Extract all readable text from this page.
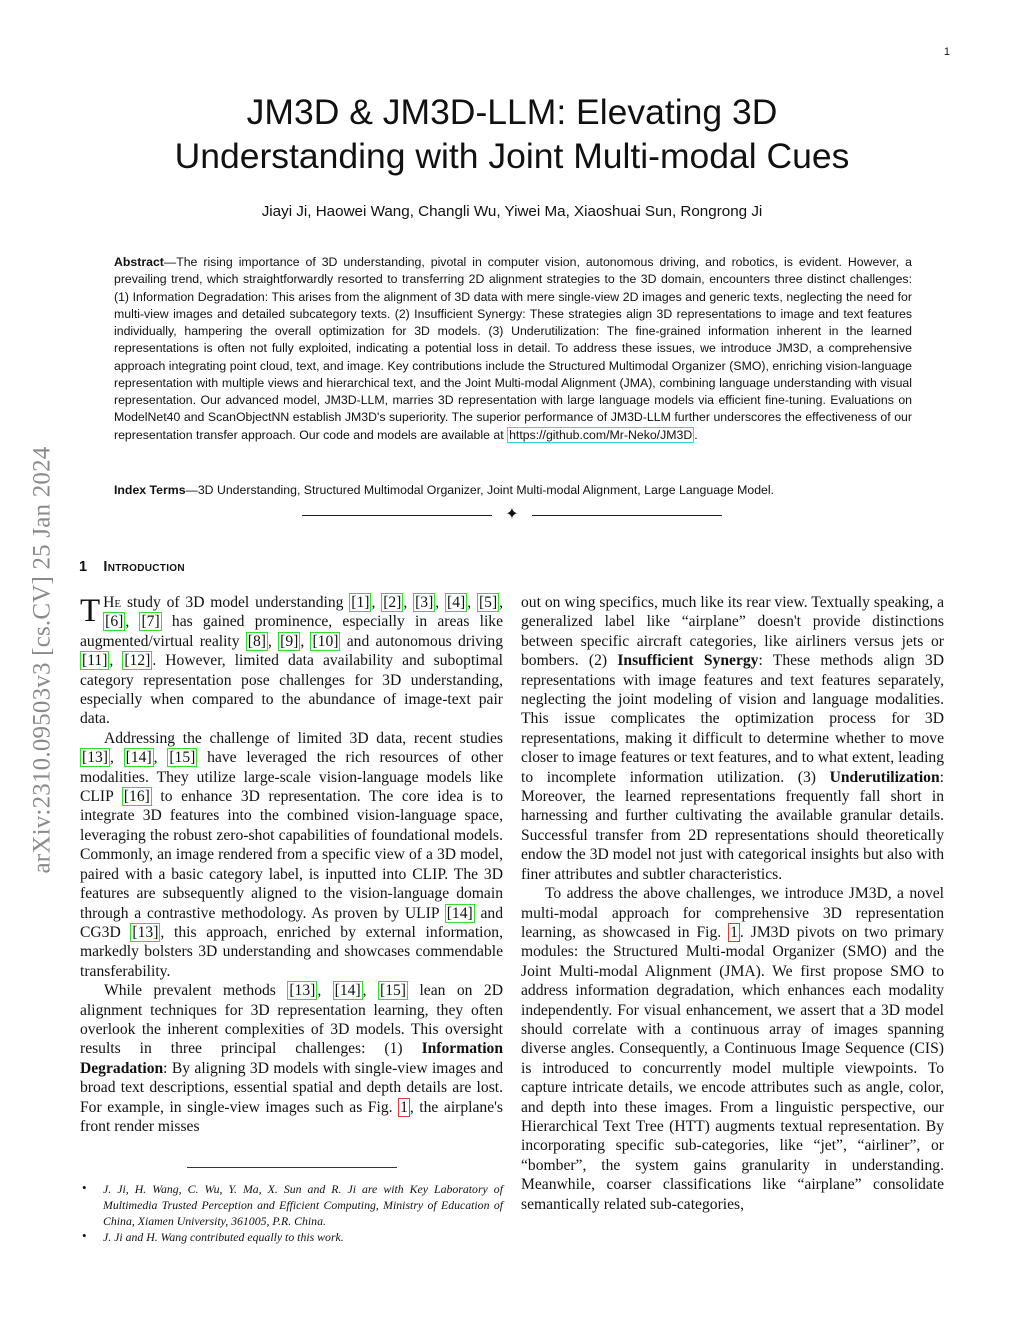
1
arXiv:2310.09503v3 [cs.CV] 25 Jan 2024
JM3D & JM3D-LLM: Elevating 3D
Understanding with Joint Multi-modal Cues
Jiayi Ji, Haowei Wang, Changli Wu, Yiwei Ma, Xiaoshuai Sun, Rongrong Ji
Abstract—The rising importance of 3D understanding, pivotal in computer vision, autonomous driving, and robotics, is evident. However, a prevailing trend, which straightforwardly resorted to transferring 2D alignment strategies to the 3D domain, encounters three distinct challenges: (1) Information Degradation: This arises from the alignment of 3D data with mere single-view 2D images and generic texts, neglecting the need for multi-view images and detailed subcategory texts. (2) Insufficient Synergy: These strategies align 3D representations to image and text features individually, hampering the overall optimization for 3D models. (3) Underutilization: The fine-grained information inherent in the learned representations is often not fully exploited, indicating a potential loss in detail. To address these issues, we introduce JM3D, a comprehensive approach integrating point cloud, text, and image. Key contributions include the Structured Multimodal Organizer (SMO), enriching vision-language representation with multiple views and hierarchical text, and the Joint Multi-modal Alignment (JMA), combining language understanding with visual representation. Our advanced model, JM3D-LLM, marries 3D representation with large language models via efficient fine-tuning. Evaluations on ModelNet40 and ScanObjectNN establish JM3D's superiority. The superior performance of JM3D-LLM further underscores the effectiveness of our representation transfer approach. Our code and models are available at https://github.com/Mr-Neko/JM3D .
Index Terms—3D Understanding, Structured Multimodal Organizer, Joint Multi-modal Alignment, Large Language Model.
✦
1 Introduction

T He study of 3D model understanding [1] , [2] , [3] , [4] , [5] , [6] , [7] has gained prominence, especially in areas like augmented/virtual reality [8] , [9] , [10] and autonomous driving [11] , [12] . However, limited data availability and suboptimal category representation pose challenges for 3D understanding, especially when compared to the abundance of image-text pair data.

Addressing the challenge of limited 3D data, recent studies [13] , [14] , [15] have leveraged the rich resources of other modalities. They utilize large-scale vision-language models like CLIP [16] to enhance 3D representation. The core idea is to integrate 3D features into the combined vision-language space, leveraging the robust zero-shot capabilities of foundational models. Commonly, an image rendered from a specific view of a 3D model, paired with a basic category label, is inputted into CLIP. The 3D features are subsequently aligned to the vision-language domain through a contrastive methodology. As proven by ULIP [14] and CG3D [13] , this approach, enriched by external information, markedly bolsters 3D understanding and showcases commendable transferability.

While prevalent methods [13] , [14] , [15] lean on 2D alignment techniques for 3D representation learning, they often overlook the inherent complexities of 3D models. This oversight results in three principal challenges: (1) Information Degradation: By aligning 3D models with single-view images and broad text descriptions, essential spatial and depth details are lost. For example, in single-view images such as Fig. 1 , the airplane's front render misses

out on wing specifics, much like its rear view. Textually speaking, a generalized label like “airplane” doesn't provide distinctions between specific aircraft categories, like airliners versus jets or bombers. (2) Insufficient Synergy: These methods align 3D representations with image features and text features separately, neglecting the joint modeling of vision and language modalities. This issue complicates the optimization process for 3D representations, making it difficult to determine whether to move closer to image features or text features, and to what extent, leading to incomplete information utilization. (3) Underutilization: Moreover, the learned representations frequently fall short in harnessing and further cultivating the available granular details. Successful transfer from 2D representations should theoretically endow the 3D model not just with categorical insights but also with finer attributes and subtler characteristics.

To address the above challenges, we introduce JM3D, a novel multi-modal approach for comprehensive 3D representation learning, as showcased in Fig. 1 . JM3D pivots on two primary modules: the Structured Multi-modal Organizer (SMO) and the Joint Multi-modal Alignment (JMA). We first propose SMO to address information degradation, which enhances each modality independently. For visual enhancement, we assert that a 3D model should correlate with a continuous array of images spanning diverse angles. Consequently, a Continuous Image Sequence (CIS) is introduced to concurrently model multiple viewpoints. To capture intricate details, we encode attributes such as angle, color, and depth into these images. From a linguistic perspective, our Hierarchical Text Tree (HTT) augments textual representation. By incorporating specific sub-categories, like “jet”, “airliner”, or “bomber”, the system gains granularity in understanding. Meanwhile, coarser classifications like “airplane” consolidate semantically related sub-categories,

• J. Ji, H. Wang, C. Wu, Y. Ma, X. Sun and R. Ji are with Key Laboratory of Multimedia Trusted Perception and Efficient Computing, Ministry of Education of China, Xiamen University, 361005, P.R. China.

• J. Ji and H. Wang contributed equally to this work.
